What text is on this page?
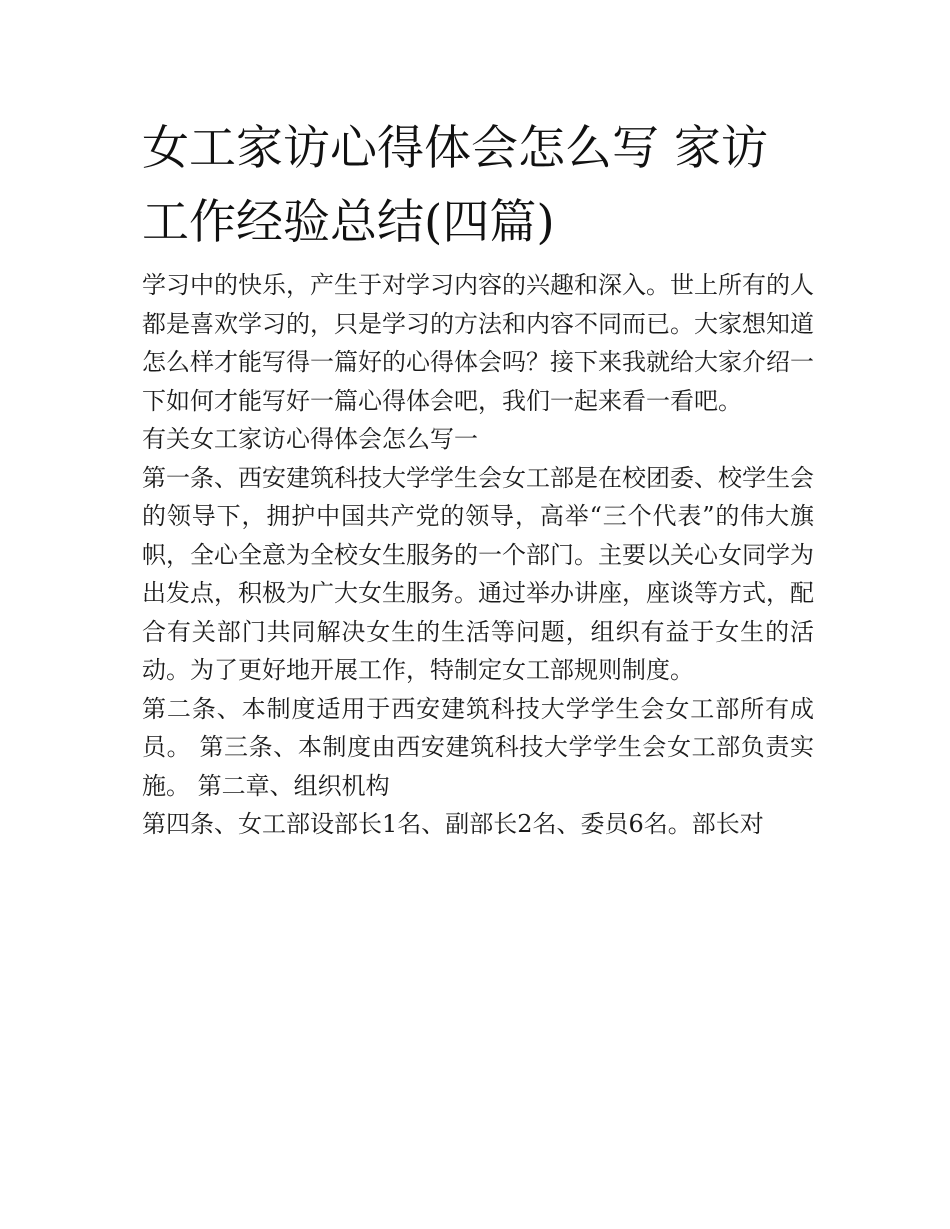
女工家访心得体会怎么写 家访工作经验总结(四篇)

学习中的快乐，产生于对学习内容的兴趣和深入。世上所有的人都是喜欢学习的，只是学习的方法和内容不同而已。大家想知道怎么样才能写得一篇好的心得体会吗？接下来我就给大家介绍一下如何才能写好一篇心得体会吧，我们一起来看一看吧。

有关女工家访心得体会怎么写一

第一条、西安建筑科技大学学生会女工部是在校团委、校学生会的领导下，拥护中国共产党的领导，高举“三个代表”的伟大旗帜，全心全意为全校女生服务的一个部门。主要以关心女同学为出发点，积极为广大女生服务。通过举办讲座，座谈等方式，配合有关部门共同解决女生的生活等问题，组织有益于女生的活动。为了更好地开展工作，特制定女工部规则制度。

第二条、本制度适用于西安建筑科技大学学生会女工部所有成员。 第三条、本制度由西安建筑科技大学学生会女工部负责实施。 第二章、组织机构

第四条、女工部设部长1名、副部长2名、委员6名。部长对
